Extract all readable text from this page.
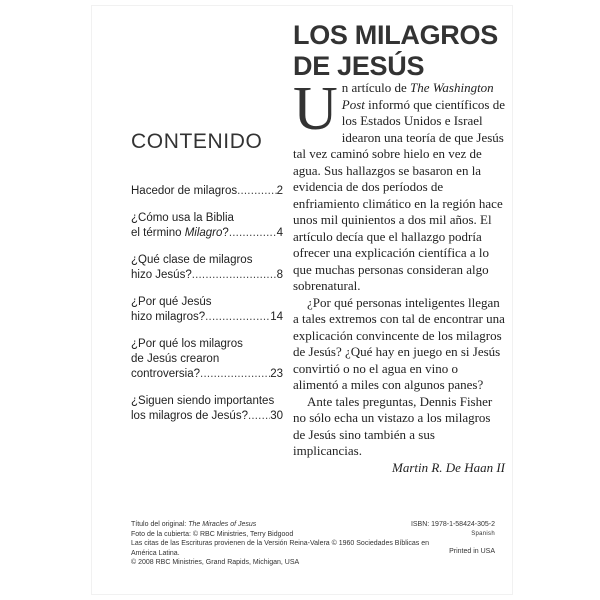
LOS MILAGROS
DE JESÚS
CONTENIDO
Hacedor de milagros .....	2
¿Cómo usa la Biblia
el término Milagro? .....	4
¿Qué clase de milagros
hizo Jesús? .....	8
¿Por qué Jesús
hizo milagros? .....	14
¿Por qué los milagros
de Jesús crearon
controversia? .....	23
¿Siguen siendo importantes
los milagros de Jesús? ..... 30

Un artículo de The Washington Post informó que científicos de los Estados Unidos e Israel idearon una teoría de que Jesús tal vez caminó sobre hielo en vez de agua. Sus hallazgos se basaron en la evidencia de dos períodos de enfriamiento climático en la región hace unos mil quinientos a dos mil años. El artículo decía que el hallazgo podría ofrecer una explicación científica a lo que muchas personas consideran algo sobrenatural.

¿Por qué personas inteligentes llegan a tales extremos con tal de encontrar una explicación convincente de los milagros de Jesús? ¿Qué hay en juego en si Jesús convirtió o no el agua en vino o alimentó a miles con algunos panes?

Ante tales preguntas, Dennis Fisher no sólo echa un vistazo a los milagros de Jesús sino también a sus implicancias.

Martin R. De Haan II

Título del original: The Miracles of Jesus
Foto de la cubierta: © RBC Ministries, Terry Bidgood
Las citas de las Escrituras provienen de la Versión Reina-Valera © 1960 Sociedades Bíblicas en América Latina.
© 2008 RBC Ministries, Grand Rapids, Michigan, USA
ISBN: 1978-1-58424-305-2
Spanish
Printed in USA
